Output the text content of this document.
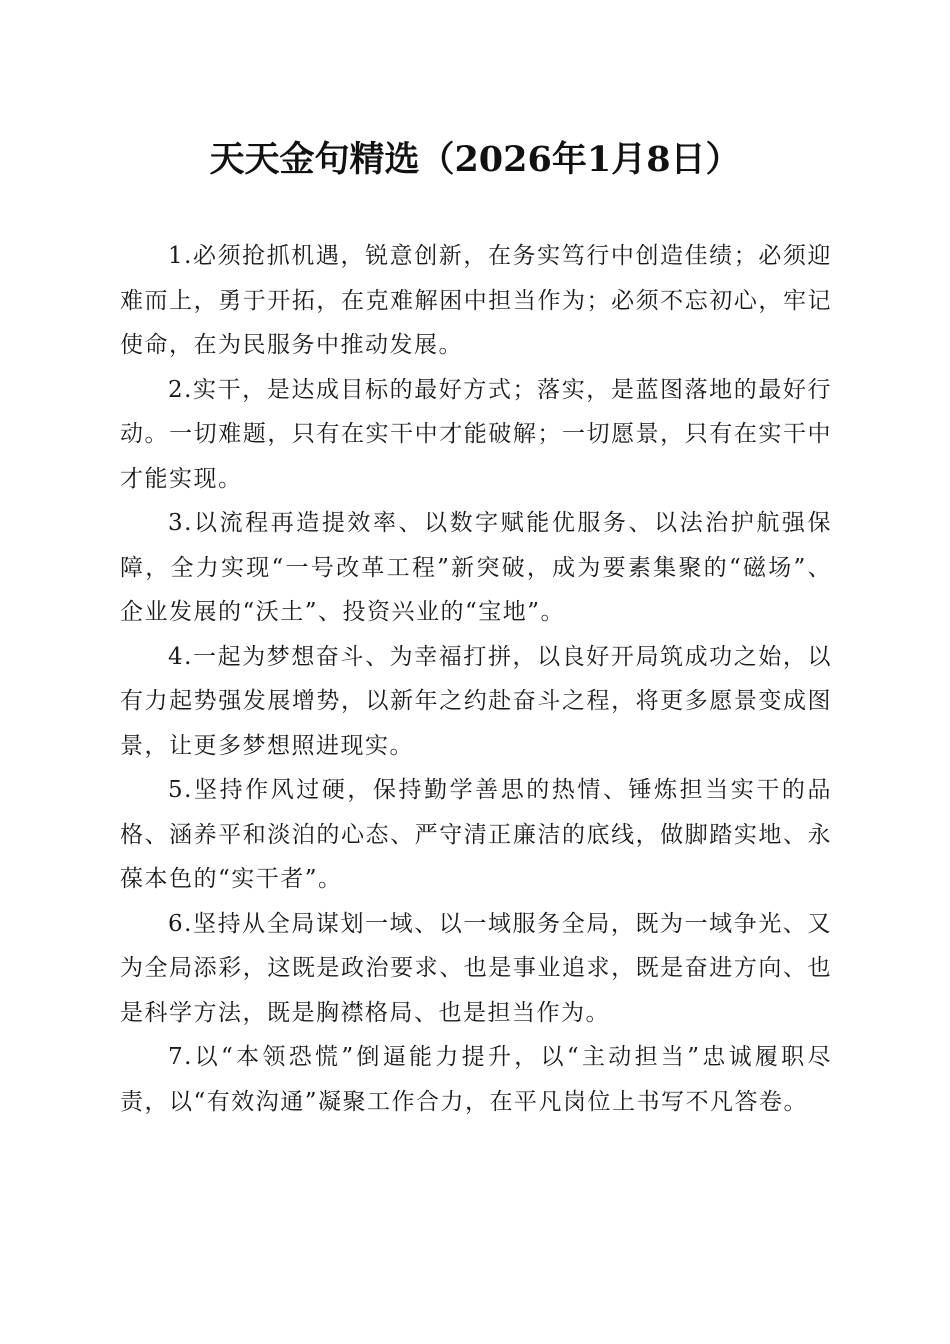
天天金句精选（2026年1月8日）

1.必须抢抓机遇，锐意创新，在务实笃行中创造佳绩；必须迎难而上，勇于开拓，在克难解困中担当作为；必须不忘初心，牢记使命，在为民服务中推动发展。

2.实干，是达成目标的最好方式；落实，是蓝图落地的最好行动。一切难题，只有在实干中才能破解；一切愿景，只有在实干中才能实现。

3.以流程再造提效率、以数字赋能优服务、以法治护航强保障，全力实现“一号改革工程”新突破，成为要素集聚的“磁场”、企业发展的“沃土”、投资兴业的“宝地”。

4.一起为梦想奋斗、为幸福打拼，以良好开局筑成功之始，以有力起势强发展增势，以新年之约赴奋斗之程，将更多愿景变成图景，让更多梦想照进现实。

5.坚持作风过硬，保持勤学善思的热情、锤炼担当实干的品格、涵养平和淡泊的心态、严守清正廉洁的底线，做脚踏实地、永葆本色的“实干者”。

6.坚持从全局谋划一域、以一域服务全局，既为一域争光、又为全局添彩，这既是政治要求、也是事业追求，既是奋进方向、也是科学方法，既是胸襟格局、也是担当作为。

7.以“本领恐慌”倒逼能力提升，以“主动担当”忠诚履职尽责，以“有效沟通”凝聚工作合力，在平凡岗位上书写不凡答卷。
